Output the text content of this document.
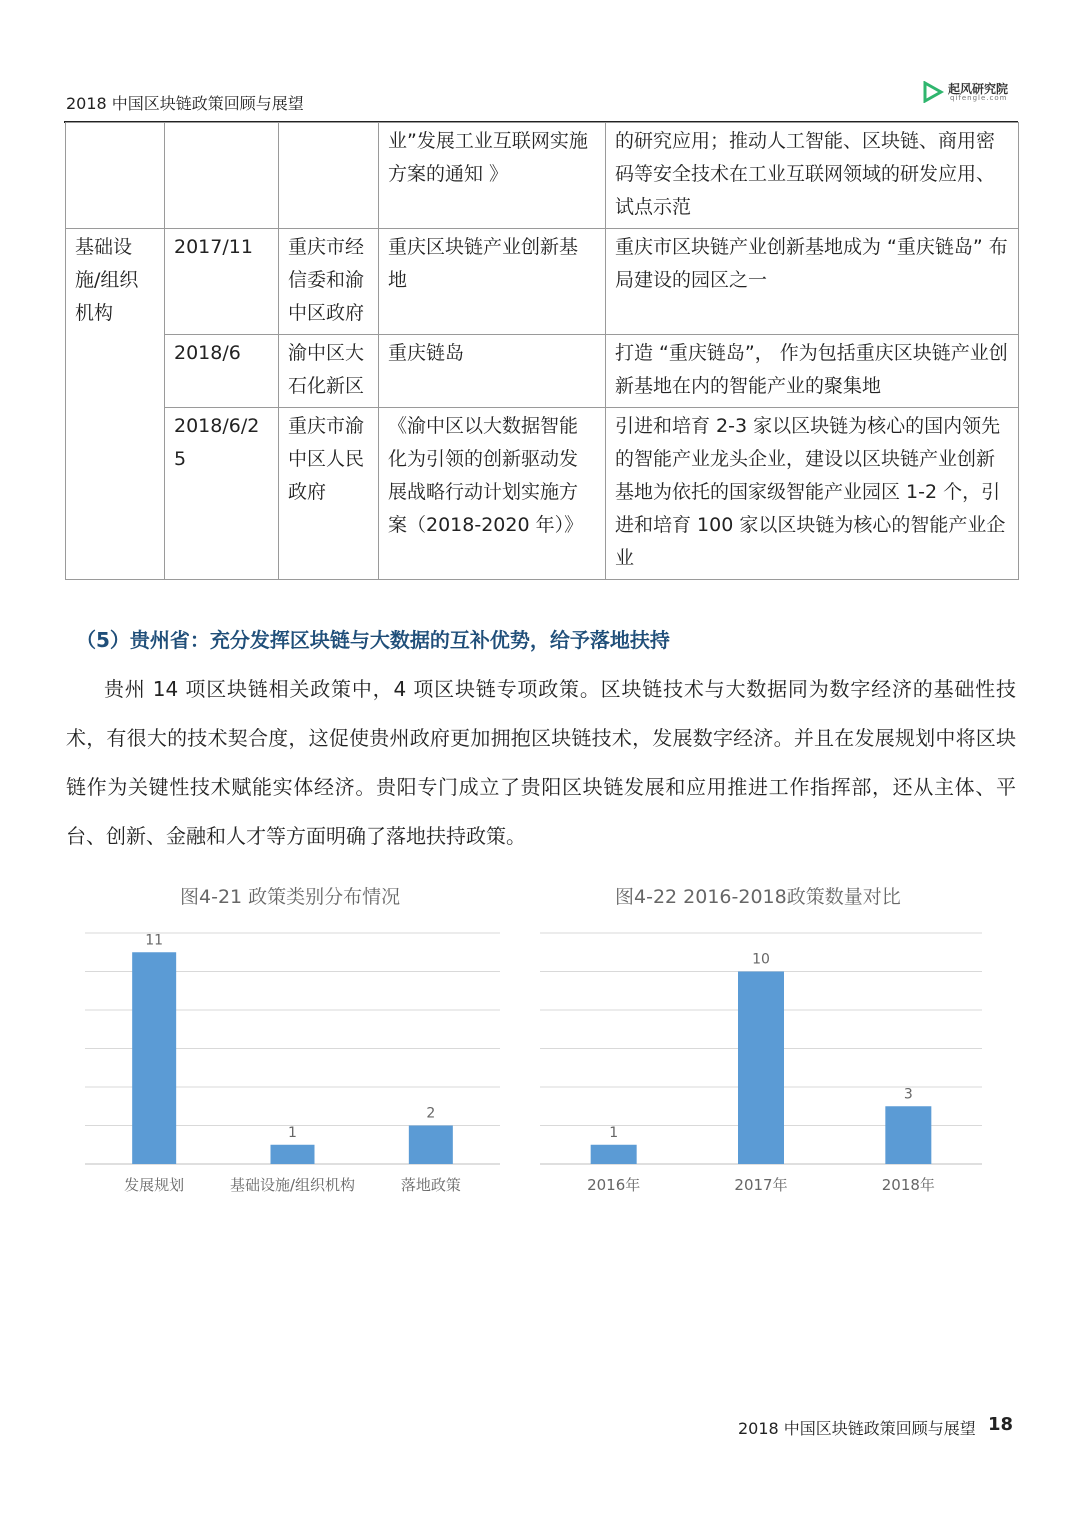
2018 中国区块链政策回顾与展望
起风研究院
qifengle.com
			业”发展工业互联网实施方案的通知 》	的研究应用；推动人工智能、区块链、商用密码等安全技术在工业互联网领域的研发应用、试点示范
基础设施/组织机构	2017/11	重庆市经信委和渝中区政府	重庆区块链产业创新基地	重庆市区块链产业创新基地成为 “重庆链岛” 布局建设的园区之一
	2018/6	渝中区大石化新区	重庆链岛	打造 “重庆链岛”， 作为包括重庆区块链产业创新基地在内的智能产业的聚集地
	2018/6/25	重庆市渝中区人民政府	《渝中区以大数据智能化为引领的创新驱动发展战略行动计划实施方案（2018-2020 年）》	引进和培育 2-3 家以区块链为核心的国内领先的智能产业龙头企业，建设以区块链产业创新基地为依托的国家级智能产业园区 1-2 个，引进和培育 100 家以区块链为核心的智能产业企业
（5）贵州省：充分发挥区块链与大数据的互补优势，给予落地扶持
贵州 14 项区块链相关政策中，4 项区块链专项政策。区块链技术与大数据同为数字经济的基础性技术，有很大的技术契合度，这促使贵州政府更加拥抱区块链技术，发展数字经济。并且在发展规划中将区块链作为关键性技术赋能实体经济。贵阳专门成立了贵阳区块链发展和应用推进工作指挥部，还从主体、平台、创新、金融和人才等方面明确了落地扶持政策。
图4-21 政策类别分布情况
11
发展规划
1
基础设施/组织机构
2
落地政策
图4-22 2016-2018政策数量对比
1
2016年
10
2017年
3
2018年
2018 中国区块链政策回顾与展望 18
